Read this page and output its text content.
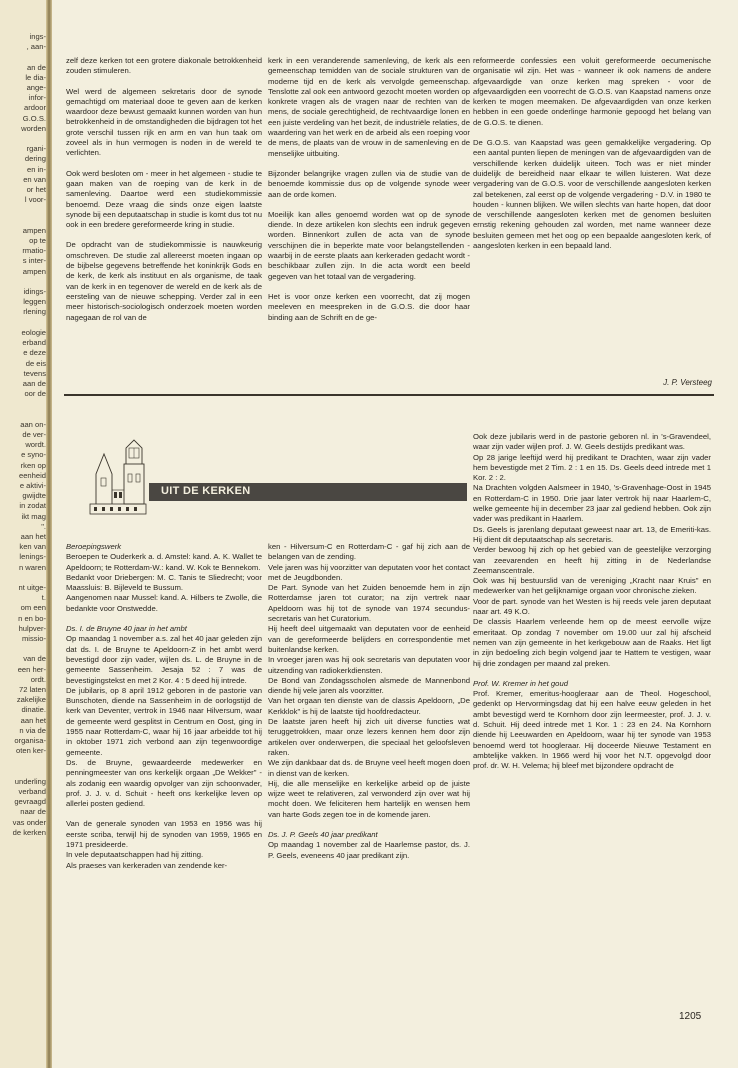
ings-
, aan-

an de
le dia-
ange-
infor-
ardoor
G.O.S.
worden

rgani-
dering
en in-
en van
or het
l voor-

ampen
op te
rmatio-
s inter-
ampen

idings-
leggen
rlening

eologie
erband
e deze
de eis
tevens
aan de
oor de

aan on-
de ver-
wordt.
e syno-
rken op
eenheid
e aktivi-
gwijdte
in zodat
ikt mag
".
aan het
ken van
lenings-
n waren

nt uitge-
t.
om een
n en bo-
hulpver-
missio-

van de
een her-
ordt.
72 laten
zakelijke
dinatie.
aan het
n via de
organisa-
oten ker-

underling
verband
gevraagd
naar de
vas onder
de kerken

zelf deze kerken tot een grotere diakonale betrokkenheid zouden stimuleren.

Wel werd de algemeen sekretaris door de synode gemachtigd om materiaal dooe te geven aan de kerken waardoor deze bewust gemaakt kunnen worden van hun betrokkenheid in de omstandigheden die bijdragen tot het grote verschil tussen rijk en arm en van hun taak om zoveel als in hun vermogen is noden in de wereld te verlichten.

Ook werd besloten om - meer in het algemeen - studie te gaan maken van de roeping van de kerk in de samenleving. Daartoe werd een studiekommissie benoemd. Deze vraag die sinds onze eigen laatste synode bij een deputaatschap in studie is komt dus tot nu ook in een bredere gereformeerde kring in studie.

De opdracht van de studiekommissie is nauwkeurig omschreven. De studie zal allereerst moeten ingaan op de bijbelse gegevens betreffende het koninkrijk Gods en de kerk, de kerk als instituut en als organisme, de taak van de kerk in en tegenover de wereld en de kerk als de eersteling van de nieuwe schepping. Verder zal in een meer historisch-sociologisch onderzoek moeten worden nagegaan de rol van de

kerk in een veranderende samenleving, de kerk als een gemeenschap temidden van de sociale strukturen van de moderne tijd en de kerk als vervolgde gemeenschap. Tenslotte zal ook een antwoord gezocht moeten worden op konkrete vragen als de vragen naar de rechten van de mens, de sociale gerechtigheid, de rechtvaardige lonen en een juiste verdeling van het bezit, de industriële relaties, de waardering van het werk en de arbeid als een roeping voor de mens, de plaats van de vrouw in de samenleving en de menselijke uitbuiting.

Bijzonder belangrijke vragen zullen via de studie van de benoemde kommissie dus op de volgende synode weer aan de orde komen.

Moeilijk kan alles genoemd worden wat op de synode diende. In deze artikelen kon slechts een indruk gegeven worden. Binnenkort zullen de acta van de synode verschijnen die in beperkte mate voor belangstellenden - waarbij in de eerste plaats aan kerkeraden gedacht wordt - beschikbaar zullen zijn. In die acta wordt een beeld gegeven van het totaal van de vergadering.

Het is voor onze kerken een voorrecht, dat zij mogen meeleven en meespreken in de G.O.S. die door haar binding aan de Schrift en de ge-

reformeerde confessies een voluit gereformeerde oecumenische organisatie wil zijn. Het was - wanneer ik ook namens de andere afgevaardigde van onze kerken mag spreken - voor de afgevaardigden een voorrecht de G.O.S. van Kaapstad namens onze kerken te mogen meemaken. De afgevaardigden van onze kerken hebben in een goede onderlinge harmonie gepoogd het belang van de G.O.S. te dienen.

De G.O.S. van Kaapstad was geen gemakkelijke vergadering. Op een aantal punten liepen de meningen van de afgevaardigden van de verschillende kerken duidelijk uiteen. Toch was er niet minder duidelijk de bereidheid naar elkaar te willen luisteren. Wat deze vergadering van de G.O.S. voor de verschillende aangesloten kerken zal betekenen, zal eerst op de volgende vergadering - D.V. in 1980 te houden - kunnen blijken. We willen slechts van harte hopen, dat door de verschillende aangesloten kerken met de genomen besluiten ernstig rekening gehouden zal worden, met name wanneer deze besluiten gemeen met het oog op een bepaalde aangesloten kerk, of aangesloten kerken in een bepaald land.

J. P. Versteeg
UIT DE KERKEN
Beroepingswerk

Beroepen te Ouderkerk a. d. Amstel: kand. A. K. Wallet te Apeldoorn; te Rotterdam-W.: kand. W. Kok te Bennekom.

Bedankt voor Driebergen: M. C. Tanis te Sliedrecht; voor Maassluis: B. Bijleveld te Bussum.

Aangenomen naar Mussel: kand. A. Hilbers te Zwolle, die bedankte voor Onstwedde.

Ds. I. de Bruyne 40 jaar in het ambt

Op maandag 1 november a.s. zal het 40 jaar geleden zijn dat ds. I. de Bruyne te Apeldoorn-Z in het ambt werd bevestigd door zijn vader, wijlen ds. L. de Bruyne in de gemeente Sassenheim. Jesaja 52 : 7 was de bevestigingstekst en met 2 Kor. 4 : 5 deed hij intrede.

De jubilaris, op 8 april 1912 geboren in de pastorie van Bunschoten, diende na Sassenheim in de oorlogstijd de kerk van Deventer, vertrok in 1946 naar Hilversum, waar de gemeente werd gesplitst in Centrum en Oost, ging in 1955 naar Rotterdam-C, waar hij 16 jaar arbeidde tot hij in oktober 1971 zich verbond aan zijn tegenwoordige gemeente.

Ds. de Bruyne, gewaardeerde medewerker en penningmeester van ons kerkelijk orgaan „De Wekker" - als zodanig een waardig opvolger van zijn schoonvader, prof. J. J. v. d. Schuit - heeft ons kerkelijke leven op allerlei posten gediend.

Van de generale synoden van 1953 en 1956 was hij eerste scriba, terwijl hij de synoden van 1959, 1965 en 1971 presideerde.

In vele deputaatschappen had hij zitting.

Als praeses van kerkeraden van zendende ker-

ken - Hilversum-C en Rotterdam-C - gaf hij zich aan de belangen van de zending.

Vele jaren was hij voorzitter van deputaten voor het contact met de Jeugdbonden.

De Part. Synode van het Zuiden benoemde hem in zijn Rotterdamse jaren tot curator; na zijn vertrek naar Apeldoorn was hij tot de synode van 1974 secundus-secretaris van het Curatorium.

Hij heeft deel uitgemaakt van deputaten voor de eenheid van de gereformeerde belijders en correspondentie met buitenlandse kerken.

In vroeger jaren was hij ook secretaris van deputaten voor uitzending van radiokerkdiensten.

De Bond van Zondagsscholen alsmede de Mannenbond diende hij vele jaren als voorzitter.

Van het orgaan ten dienste van de classis Apeldoorn, „De Kerkklok" is hij de laatste tijd hoofdredacteur.

De laatste jaren heeft hij zich uit diverse functies wat teruggetrokken, maar onze lezers kennen hem door zijn artikelen over onderwerpen, die speciaal het geloofsleven raken.

We zijn dankbaar dat ds. de Bruyne veel heeft mogen doen in dienst van de kerken.

Hij, die alle menselijke en kerkelijke arbeid op de juiste wijze weet te relativeren, zal verwonderd zijn over wat hij mocht doen. We feliciteren hem hartelijk en wensen hem van harte Gods zegen toe in de komende jaren.

Ds. J. P. Geels 40 jaar predikant

Op maandag 1 november zal de Haarlemse pastor, ds. J. P. Geels, eveneens 40 jaar predikant zijn.

Ook deze jubilaris werd in de pastorie geboren nl. in 's-Gravendeel, waar zijn vader wijlen prof. J. W. Geels destijds predikant was.

Op 28 jarige leeftijd werd hij predikant te Drachten, waar zijn vader hem bevestigde met 2 Tim. 2 : 1 en 15. Ds. Geels deed intrede met 1 Kor. 2 : 2.

Na Drachten volgden Aalsmeer in 1940, 's-Gravenhage-Oost in 1945 en Rotterdam-C in 1950. Drie jaar later vertrok hij naar Haarlem-C, welke gemeente hij in december 23 jaar zal gediend hebben. Ook zijn vader was predikant in Haarlem.

Ds. Geels is jarenlang deputaat geweest naar art. 13, de Emeriti-kas. Hij dient dit deputaatschap als secretaris.

Verder bewoog hij zich op het gebied van de geestelijke verzorging van zeevarenden en heeft hij zitting in de Nederlandse Zeemanscentrale.

Ook was hij bestuurslid van de vereniging „Kracht naar Kruis" en medewerker van het gelijknamige orgaan voor chronische zieken.

Voor de part. synode van het Westen is hij reeds vele jaren deputaat naar art. 49 K.O.

De classis Haarlem verleende hem op de meest eervolle wijze emeritaat. Op zondag 7 november om 19.00 uur zal hij afscheid nemen van zijn gemeente in het kerkgebouw aan de Raaks. Het ligt in zijn bedoeling zich begin volgend jaar te Hattem te vestigen, waar hij drie zondagen per maand zal preken.

Prof. W. Kremer in het goud

Prof. Kremer, emeritus-hoogleraar aan de Theol. Hogeschool, gedenkt op Hervormingsdag dat hij een halve eeuw geleden in het ambt bevestigd werd te Kornhorn door zijn leermeester, prof. J. J. v. d. Schuit. Hij deed intrede met 1 Kor. 1 : 23 en 24. Na Kornhorn diende hij Leeuwarden en Apeldoorn, waar hij ter synode van 1953 benoemd werd tot hoogleraar. Hij doceerde Nieuwe Testament en ambtelijke vakken. In 1966 werd hij voor het N.T. opgevolgd door prof. dr. W. H. Velema; hij bleef met bijzondere opdracht de

1205
